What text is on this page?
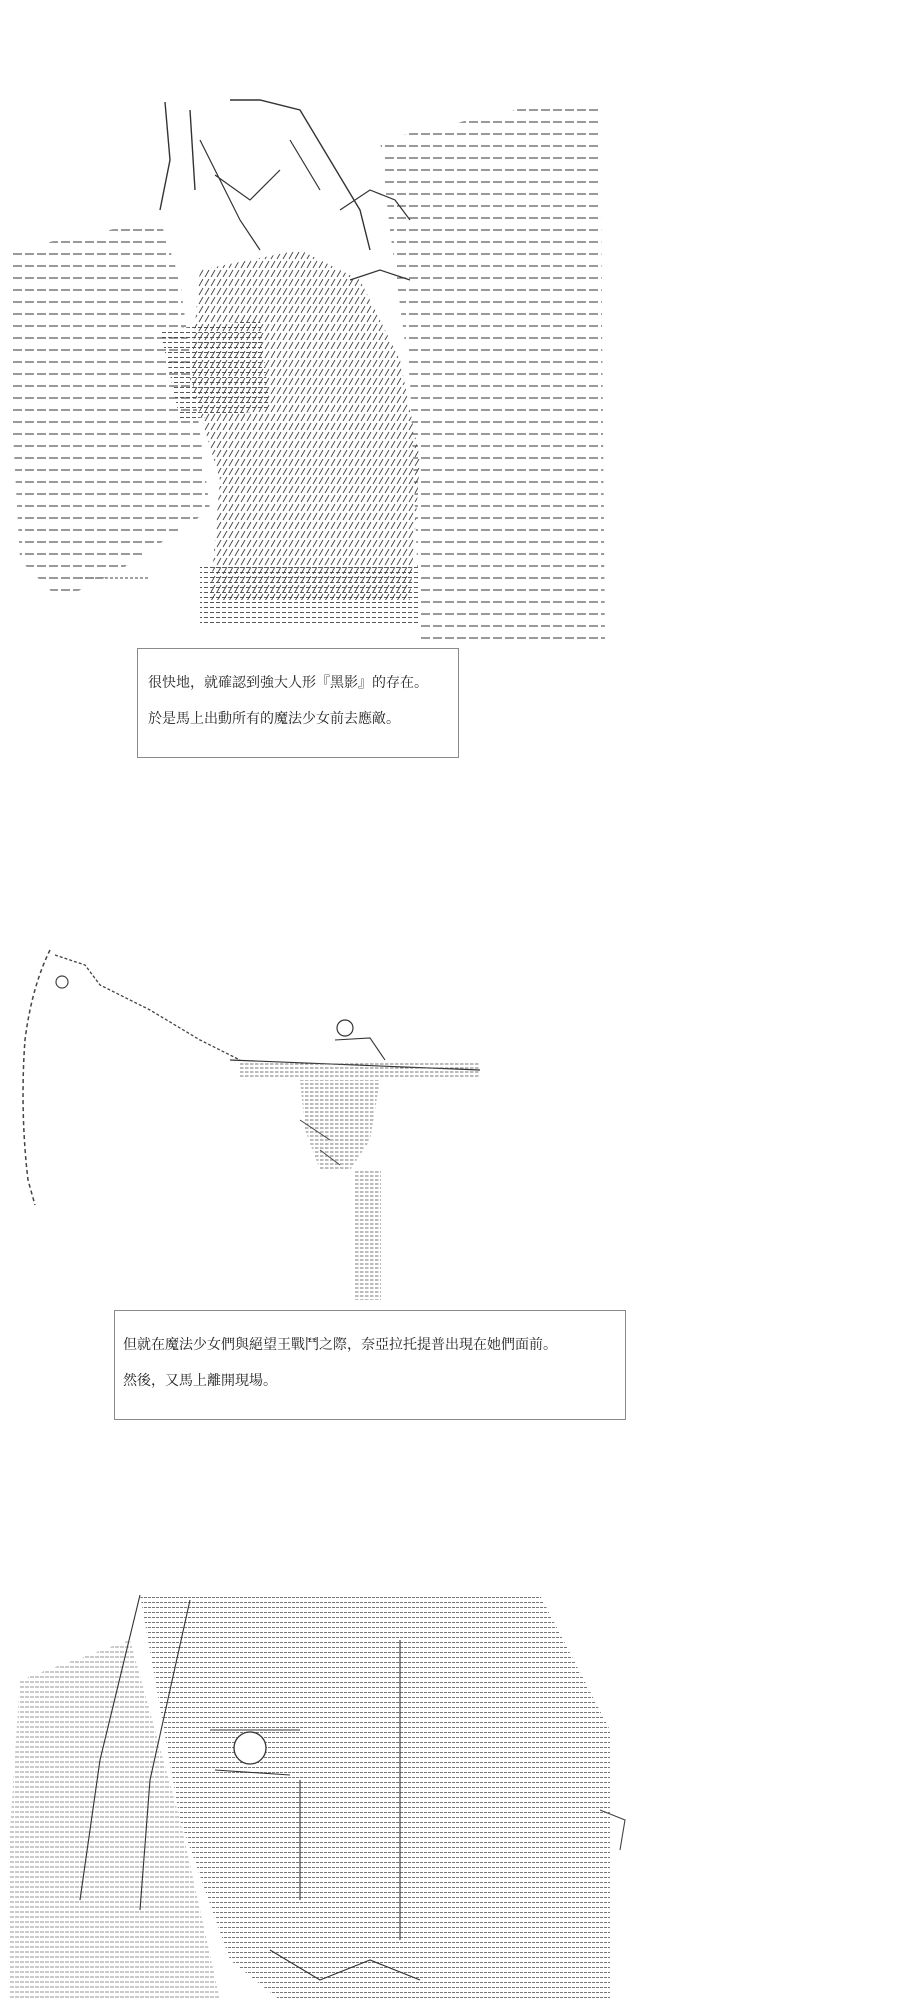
很快地，就確認到強大人形『黑影』的存在。
於是馬上出動所有的魔法少女前去應敵。
但就在魔法少女們與絕望王戰鬥之際，奈亞拉托提普出現在她們面前。
然後，又馬上離開現場。
